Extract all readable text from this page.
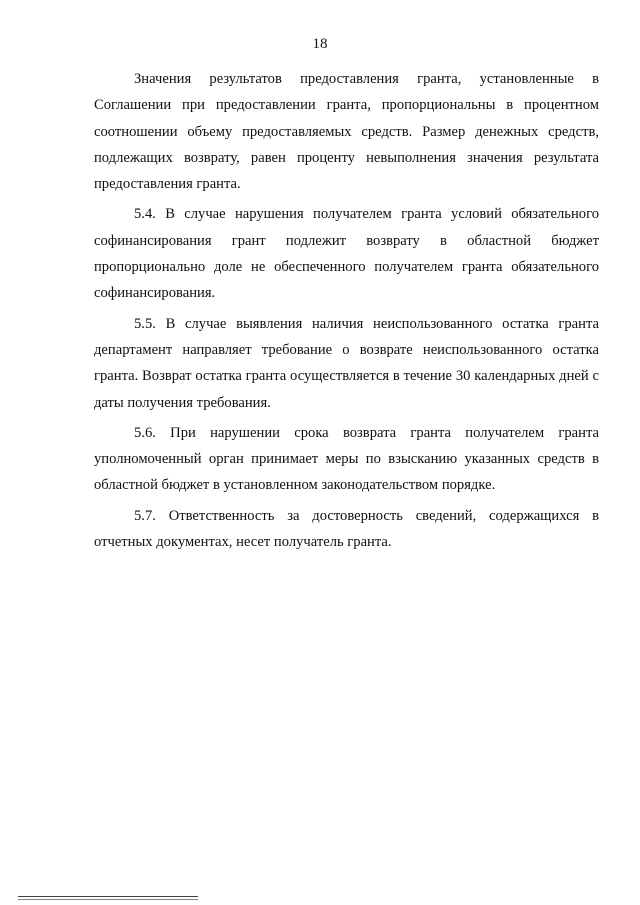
18

Значения результатов предоставления гранта, установленные в Соглашении при предоставлении гранта, пропорциональны в процентном соотношении объему предоставляемых средств. Размер денежных средств, подлежащих возврату, равен проценту невыполнения значения результата предоставления гранта.

5.4. В случае нарушения получателем гранта условий обязательного софинансирования грант подлежит возврату в областной бюджет пропорционально доле не обеспеченного получателем гранта обязательного софинансирования.

5.5. В случае выявления наличия неиспользованного остатка гранта департамент направляет требование о возврате неиспользованного остатка гранта. Возврат остатка гранта осуществляется в течение 30 календарных дней с даты получения требования.

5.6. При нарушении срока возврата гранта получателем гранта уполномоченный орган принимает меры по взысканию указанных средств в областной бюджет в установленном законодательством порядке.

5.7. Ответственность за достоверность сведений, содержащихся в отчетных документах, несет получатель гранта.
